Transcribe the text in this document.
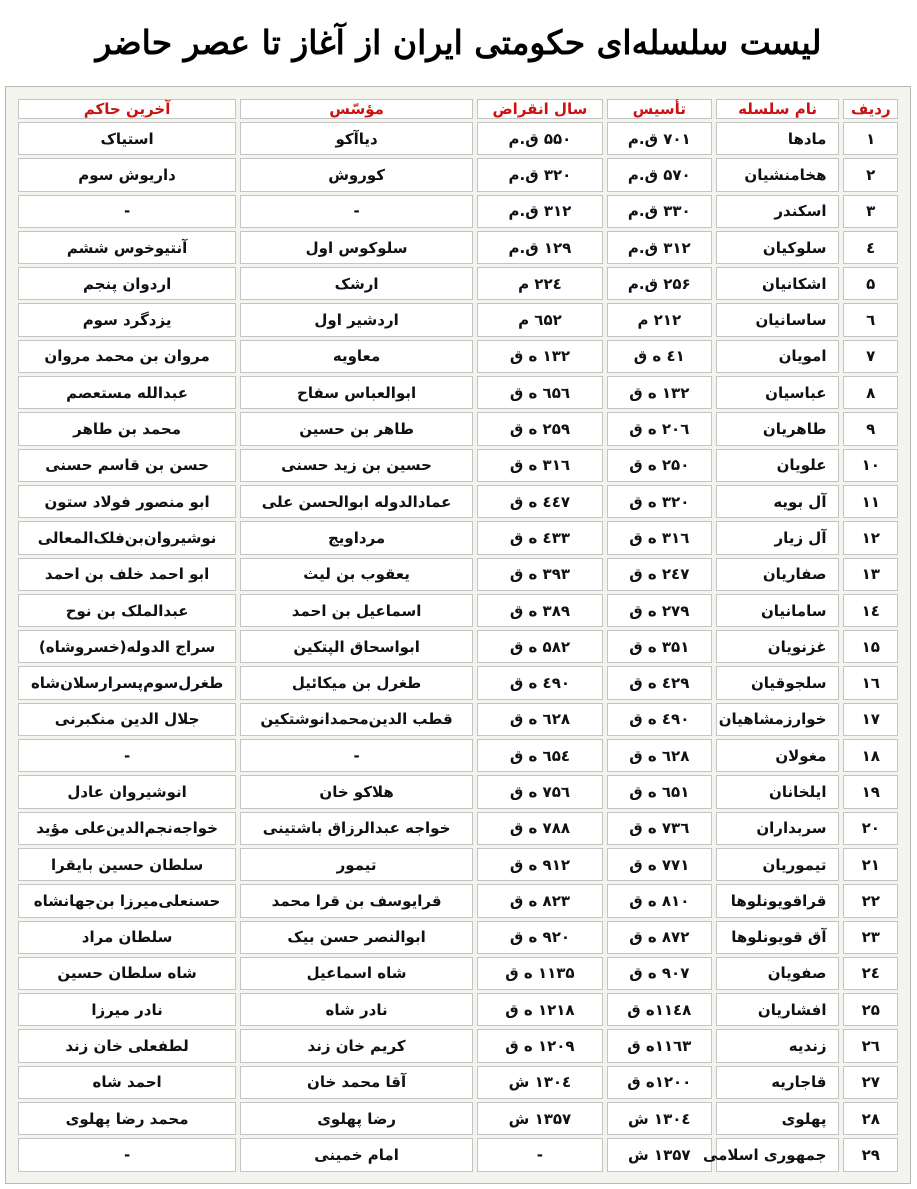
لیست سلسله‌ای حکومتی ایران از آغاز تا عصر حاضر
ردیف	نام سلسله	تأسیس	سال انقراض	مؤسّس	آخرین حاکم
۱	مادها	۷۰۱ ق.م	۵۵۰ ق.م	دیاآکو	استیاک
۲	هخامنشیان	۵۷۰ ق.م	۳۲۰ ق.م	کوروش	داریوش سوم
۳	اسکندر	۳۳۰ ق.م	۳۱۲ ق.م	-	-
٤	سلوکیان	۳۱۲ ق.م	۱۲۹ ق.م	سلوکوس اول	آنتیوخوس ششم
۵	اشکانیان	۲۵۶ ق.م	۲۲٤ م	ارشک	اردوان پنجم
٦	ساسانیان	۲۱۲ م	٦۵۲ م	اردشیر اول	یزدگرد سوم
۷	امویان	٤۱ ه ق	۱۳۲ ه ق	معاویه	مروان بن محمد مروان
۸	عباسیان	۱۳۲ ه ق	٦۵٦ ه ق	ابوالعباس سفاح	عبدالله مستعصم
۹	طاهریان	۲۰٦ ه ق	۲۵۹ ه ق	طاهر بن حسین	محمد بن طاهر
۱۰	علویان	۲۵۰ ه ق	۳۱٦ ه ق	حسین بن زید حسنی	حسن بن قاسم حسنی
۱۱	آل بویه	۳۲۰ ه ق	٤٤۷ ه ق	عمادالدوله ابوالحسن علی	ابو منصور فولاد ستون
۱۲	آل زیار	۳۱٦ ه ق	٤۳۳ ه ق	مرداویج	نوشیروان‌بن‌فلک‌المعالی
۱۳	صفاریان	۲٤۷ ه ق	۳۹۳ ه ق	یعقوب بن لیث	ابو احمد خلف بن احمد
۱٤	سامانیان	۲۷۹ ه ق	۳۸۹ ه ق	اسماعیل بن احمد	عبدالملک بن نوح
۱۵	غزنویان	۳۵۱ ه ق	۵۸۲ ه ق	ابواسحاق الپتکین	سراج الدوله(خسروشاه)
۱٦	سلجوقیان	٤۲۹ ه ق	٤۹۰ ه ق	طغرل بن میکائیل	طغرل‌سوم‌پسر‌ارسلان‌شاه
۱۷	خوارزمشاهیان	٤۹۰ ه ق	٦۲۸ ه ق	قطب الدین‌محمدانوشتکین	جلال الدین منکبرنی
۱۸	مغولان	٦۲۸ ه ق	٦۵٤ ه ق	-	-
۱۹	ایلخانان	٦۵۱ ه ق	۷۵٦ ه ق	هلاکو خان	انوشیروان عادل
۲۰	سربداران	۷۳٦ ه ق	۷۸۸ ه ق	خواجه عبدالرزاق باشتینی	خواجه‌نجم‌الدین‌علی مؤید
۲۱	تیموریان	۷۷۱ ه ق	۹۱۲ ه ق	تیمور	سلطان حسین بایقرا
۲۲	قراقویونلوها	۸۱۰ ه ق	۸۲۳ ه ق	قرایوسف بن قرا محمد	حسنعلی‌میرزا بن‌جهانشاه
۲۳	آق قویونلوها	۸۷۲ ه ق	۹۲۰ ه ق	ابوالنصر حسن بیک	سلطان مراد
۲٤	صفویان	۹۰۷ ه ق	۱۱۳۵ ه ق	شاه اسماعیل	شاه سلطان حسین
۲۵	افشاریان	۱۱٤۸ه ق	۱۲۱۸ ه ق	نادر شاه	نادر میرزا
۲٦	زندیه	۱۱٦۳ه ق	۱۲۰۹ ه ق	کریم خان زند	لطفعلی خان زند
۲۷	قاجاریه	۱۲۰۰ه ق	۱۳۰٤ ش	آقا محمد خان	احمد شاه
۲۸	پهلوی	۱۳۰٤ ش	۱۳۵۷ ش	رضا پهلوی	محمد رضا پهلوی
۲۹	جمهوری اسلامی	۱۳۵۷ ش	-	امام خمینی	-
